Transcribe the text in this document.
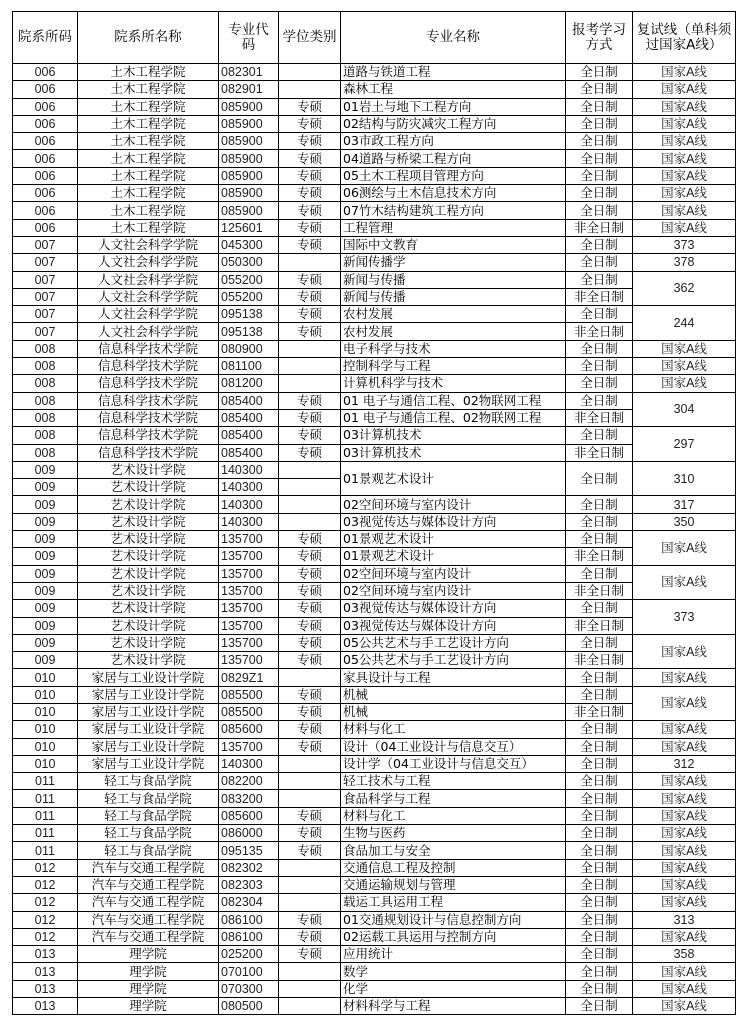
院系所码	院系所名称	专业代码	学位类别	专业名称	报考学习方式	复试线（单科须过国家A线）
006	土木工程学院	082301		道路与铁道工程	全日制	国家A线
006	土木工程学院	082901		森林工程	全日制	国家A线
006	土木工程学院	085900	专硕	01岩土与地下工程方向	全日制	国家A线
006	土木工程学院	085900	专硕	02结构与防灾减灾工程方向	全日制	国家A线
006	土木工程学院	085900	专硕	03市政工程方向	全日制	国家A线
006	土木工程学院	085900	专硕	04道路与桥梁工程方向	全日制	国家A线
006	土木工程学院	085900	专硕	05土木工程项目管理方向	全日制	国家A线
006	土木工程学院	085900	专硕	06测绘与土木信息技术方向	全日制	国家A线
006	土木工程学院	085900	专硕	07竹木结构建筑工程方向	全日制	国家A线
006	土木工程学院	125601	专硕	工程管理	非全日制	国家A线
007	人文社会科学学院	045300	专硕	国际中文教育	全日制	373
007	人文社会科学学院	050300		新闻传播学	全日制	378
007	人文社会科学学院	055200	专硕	新闻与传播	全日制	362
007	人文社会科学学院	055200	专硕	新闻与传播	非全日制	
007	人文社会科学学院	095138	专硕	农村发展	全日制	244
007	人文社会科学学院	095138	专硕	农村发展	非全日制	
008	信息科学技术学院	080900		电子科学与技术	全日制	国家A线
008	信息科学技术学院	081100		控制科学与工程	全日制	国家A线
008	信息科学技术学院	081200		计算机科学与技术	全日制	国家A线
008	信息科学技术学院	085400	专硕	01 电子与通信工程、02物联网工程	全日制	304
008	信息科学技术学院	085400	专硕	01 电子与通信工程、02物联网工程	非全日制	
008	信息科学技术学院	085400	专硕	03计算机技术	全日制	297
008	信息科学技术学院	085400	专硕	03计算机技术	非全日制	
009	艺术设计学院	140300		01景观艺术设计	全日制	310
009	艺术设计学院	140300				
009	艺术设计学院	140300		02空间环境与室内设计	全日制	317
009	艺术设计学院	140300		03视觉传达与媒体设计方向	全日制	350
009	艺术设计学院	135700	专硕	01景观艺术设计	全日制	国家A线
009	艺术设计学院	135700	专硕	01景观艺术设计	非全日制	
009	艺术设计学院	135700	专硕	02空间环境与室内设计	全日制	国家A线
009	艺术设计学院	135700	专硕	02空间环境与室内设计	非全日制	
009	艺术设计学院	135700	专硕	03视觉传达与媒体设计方向	全日制	373
009	艺术设计学院	135700	专硕	03视觉传达与媒体设计方向	非全日制	
009	艺术设计学院	135700	专硕	05公共艺术与手工艺设计方向	全日制	国家A线
009	艺术设计学院	135700	专硕	05公共艺术与手工艺设计方向	非全日制	
010	家居与工业设计学院	0829Z1		家具设计与工程	全日制	国家A线
010	家居与工业设计学院	085500	专硕	机械	全日制	国家A线
010	家居与工业设计学院	085500	专硕	机械	非全日制	
010	家居与工业设计学院	085600	专硕	材料与化工	全日制	国家A线
010	家居与工业设计学院	135700	专硕	设计（04工业设计与信息交互）	全日制	国家A线
010	家居与工业设计学院	140300		设计学（04工业设计与信息交互）	全日制	312
011	轻工与食品学院	082200		轻工技术与工程	全日制	国家A线
011	轻工与食品学院	083200		食品科学与工程	全日制	国家A线
011	轻工与食品学院	085600	专硕	材料与化工	全日制	国家A线
011	轻工与食品学院	086000	专硕	生物与医药	全日制	国家A线
011	轻工与食品学院	095135	专硕	食品加工与安全	全日制	国家A线
012	汽车与交通工程学院	082302		交通信息工程及控制	全日制	国家A线
012	汽车与交通工程学院	082303		交通运输规划与管理	全日制	国家A线
012	汽车与交通工程学院	082304		载运工具运用工程	全日制	国家A线
012	汽车与交通工程学院	086100	专硕	01交通规划设计与信息控制方向	全日制	313
012	汽车与交通工程学院	086100	专硕	02运载工具运用与控制方向	全日制	国家A线
013	理学院	025200	专硕	应用统计	全日制	358
013	理学院	070100		数学	全日制	国家A线
013	理学院	070300		化学	全日制	国家A线
013	理学院	080500		材料科学与工程	全日制	国家A线
